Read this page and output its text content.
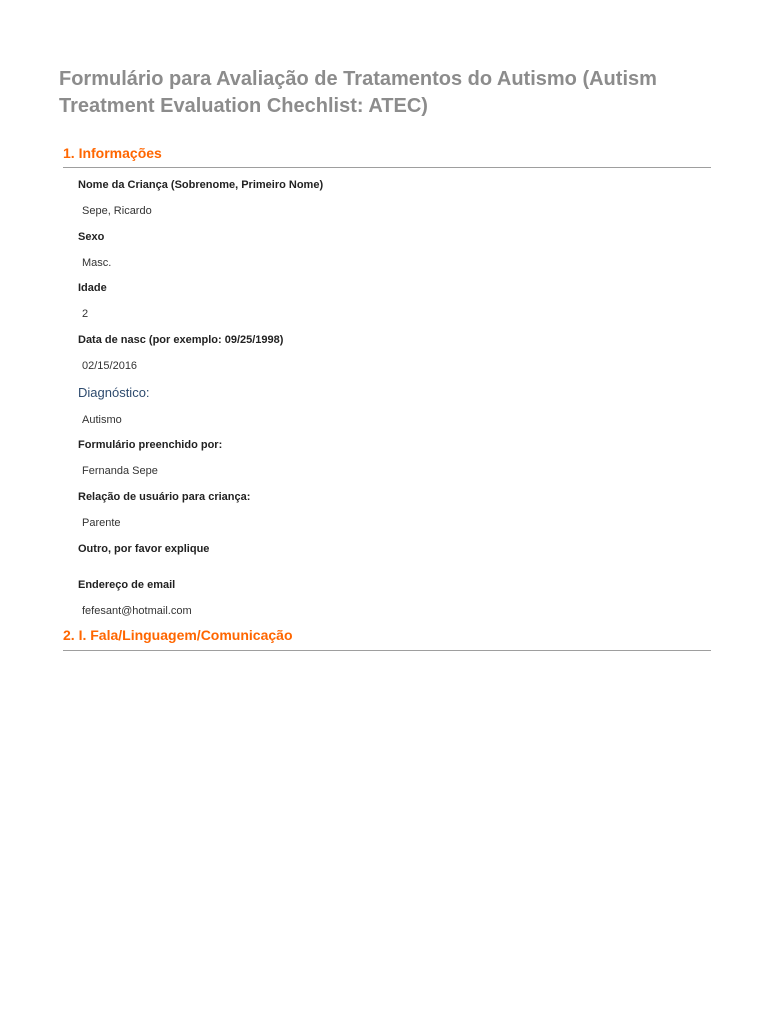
Formulário para Avaliação de Tratamentos do Autismo (Autism Treatment Evaluation Chechlist: ATEC)
1. Informações
Nome da Criança (Sobrenome, Primeiro Nome)
Sepe, Ricardo
Sexo
Masc.
Idade
2
Data de nasc (por exemplo: 09/25/1998)
02/15/2016
Diagnóstico:
Autismo
Formulário preenchido por:
Fernanda Sepe
Relação de usuário para criança:
Parente
Outro, por favor explique
Endereço de email
fefesant@hotmail.com
2. I. Fala/Linguagem/Comunicação
